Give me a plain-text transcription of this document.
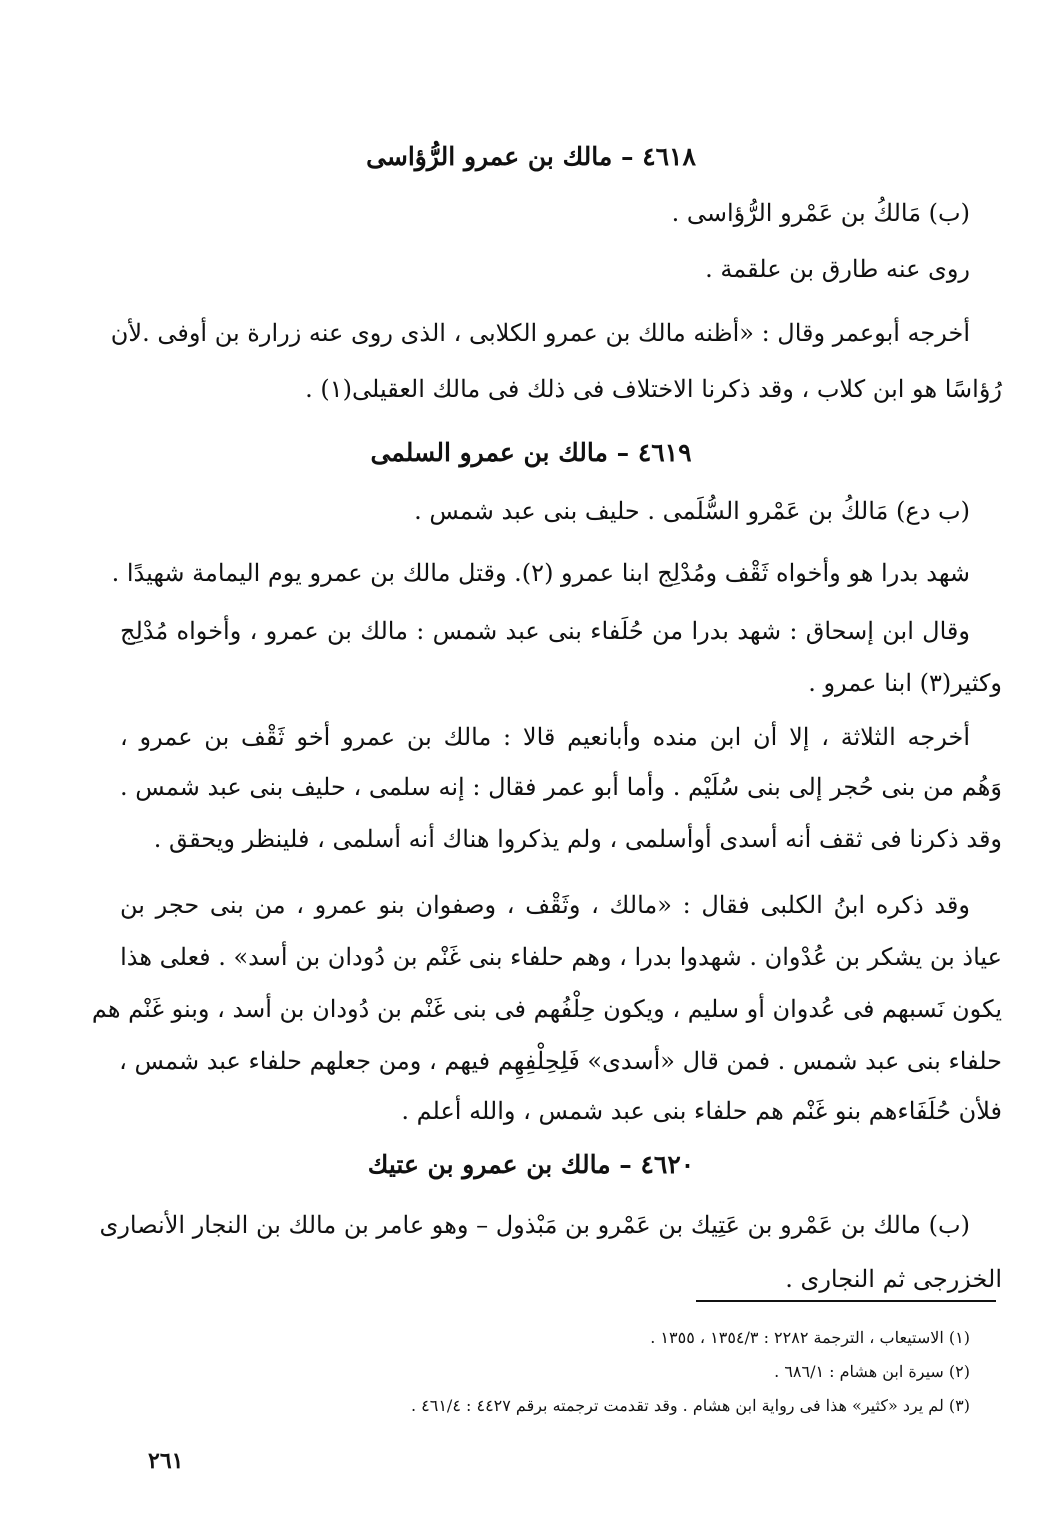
٤٦١٨ – مالك بن عمرو الرُّؤاسى
(ب) مَالكُ بن عَمْرو الرُّؤاسى .
روى عنه طارق بن علقمة .
أخرجه أبوعمر وقال : «أظنه مالك بن عمرو الكلابى ، الذى روى عنه زرارة بن أوفى .لأن
رُؤاسًا هو ابن كلاب ، وقد ذكرنا الاختلاف فى ذلك فى مالك العقيلى(١) .
٤٦١٩ – مالك بن عمرو السلمى
(ب دع) مَالكُ بن عَمْرو السُّلَمى . حليف بنى عبد شمس .
شهد بدرا هو وأخواه ثَقْف ومُدْلِج ابنا عمرو (٢). وقتل مالك بن عمرو يوم اليمامة شهيدًا .
وقال ابن إسحاق : شهد بدرا من حُلَفاء بنى عبد شمس : مالك بن عمرو ، وأخواه مُدْلِج
وكثير(٣) ابنا عمرو .
أخرجه الثلاثة ، إلا أن ابن منده وأبانعيم قالا : مالك بن عمرو أخو ثَقْف بن عمرو ،
وَهُم من بنى حُجر إلى بنى سُلَيْم . وأما أبو عمر فقال : إنه سلمى ، حليف بنى عبد شمس .
وقد ذكرنا فى ثقف أنه أسدى أوأسلمى ، ولم يذكروا هناك أنه أسلمى ، فلينظر ويحقق .
وقد ذكره ابنُ الكلبى فقال : «مالك ، وثَقْف ، وصفوان بنو عمرو ، من بنى حجر بن
عياذ بن يشكر بن عُدْوان . شهدوا بدرا ، وهم حلفاء بنى غَنْم بن دُودان بن أسد» . فعلى هذا
يكون نَسبهم فى عُدوان أو سليم ، ويكون حِلْفُهم فى بنى غَنْم بن دُودان بن أسد ، وبنو غَنْم هم
حلفاء بنى عبد شمس . فمن قال «أسدى» فَلِحِلْفِهِم فيهم ، ومن جعلهم حلفاء عبد شمس ،
فلأن حُلَفَاءهم بنو غَنْم هم حلفاء بنى عبد شمس ، والله أعلم .
٤٦٢٠ – مالك بن عمرو بن عتيك
(ب) مالك بن عَمْرو بن عَتِيك بن عَمْرو بن مَبْذول – وهو عامر بن مالك بن النجار الأنصارى
الخزرجى ثم النجارى .
(١) الاستيعاب ، الترجمة ٢٢٨٢ : ١٣٥٤/٣ ، ١٣٥٥ .
(٢) سيرة ابن هشام : ٦٨٦/١ .
(٣) لم يرد «كثير» هذا فى رواية ابن هشام . وقد تقدمت ترجمته برقم ٤٤٢٧ : ٤٦١/٤ .
٢٦١
